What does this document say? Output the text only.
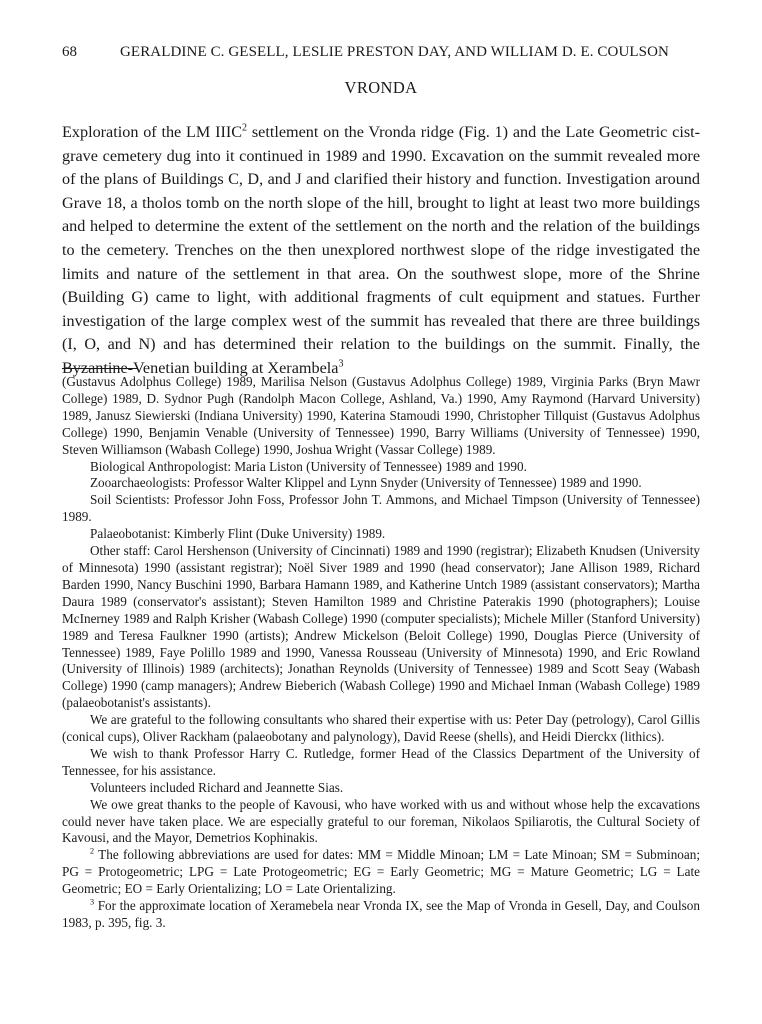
68	GERALDINE C. GESELL, LESLIE PRESTON DAY, AND WILLIAM D. E. COULSON
VRONDA

Exploration of the LM IIIC$^2$ settlement on the Vronda ridge (Fig. 1) and the Late Geometric cist-grave cemetery dug into it continued in 1989 and 1990. Excavation on the summit revealed more of the plans of Buildings C, D, and J and clarified their history and function. Investigation around Grave 18, a tholos tomb on the north slope of the hill, brought to light at least two more buildings and helped to determine the extent of the settlement on the north and the relation of the buildings to the cemetery. Trenches on the then unexplored northwest slope of the ridge investigated the limits and nature of the settlement in that area. On the southwest slope, more of the Shrine (Building G) came to light, with additional fragments of cult equipment and statues. Further investigation of the large complex west of the summit has revealed that there are three buildings (I, O, and N) and has determined their relation to the buildings on the summit. Finally, the Byzantine-Venetian building at Xerambela$^3$

(Gustavus Adolphus College) 1989, Marilisa Nelson (Gustavus Adolphus College) 1989, Virginia Parks (Bryn Mawr College) 1989, D. Sydnor Pugh (Randolph Macon College, Ashland, Va.) 1990, Amy Raymond (Harvard University) 1989, Janusz Siewierski (Indiana University) 1990, Katerina Stamoudi 1990, Christopher Tillquist (Gustavus Adolphus College) 1990, Benjamin Venable (University of Tennessee) 1990, Barry Williams (University of Tennessee) 1990, Steven Williamson (Wabash College) 1990, Joshua Wright (Vassar College) 1989.

Biological Anthropologist: Maria Liston (University of Tennessee) 1989 and 1990.

Zooarchaeologists: Professor Walter Klippel and Lynn Snyder (University of Tennessee) 1989 and 1990.

Soil Scientists: Professor John Foss, Professor John T. Ammons, and Michael Timpson (University of Tennessee) 1989.

Palaeobotanist: Kimberly Flint (Duke University) 1989.

Other staff: Carol Hershenson (University of Cincinnati) 1989 and 1990 (registrar); Elizabeth Knudsen (University of Minnesota) 1990 (assistant registrar); Noël Siver 1989 and 1990 (head conservator); Jane Allison 1989, Richard Barden 1990, Nancy Buschini 1990, Barbara Hamann 1989, and Katherine Untch 1989 (assistant conservators); Martha Daura 1989 (conservator's assistant); Steven Hamilton 1989 and Christine Paterakis 1990 (photographers); Louise McInerney 1989 and Ralph Krisher (Wabash College) 1990 (computer specialists); Michele Miller (Stanford University) 1989 and Teresa Faulkner 1990 (artists); Andrew Mickelson (Beloit College) 1990, Douglas Pierce (University of Tennessee) 1989, Faye Polillo 1989 and 1990, Vanessa Rousseau (University of Minnesota) 1990, and Eric Rowland (University of Illinois) 1989 (architects); Jonathan Reynolds (University of Tennessee) 1989 and Scott Seay (Wabash College) 1990 (camp managers); Andrew Bieberich (Wabash College) 1990 and Michael Inman (Wabash College) 1989 (palaeobotanist's assistants).

We are grateful to the following consultants who shared their expertise with us: Peter Day (petrology), Carol Gillis (conical cups), Oliver Rackham (palaeobotany and palynology), David Reese (shells), and Heidi Dierckx (lithics).

We wish to thank Professor Harry C. Rutledge, former Head of the Classics Department of the University of Tennessee, for his assistance.

Volunteers included Richard and Jeannette Sias.

We owe great thanks to the people of Kavousi, who have worked with us and without whose help the excavations could never have taken place. We are especially grateful to our foreman, Nikolaos Spiliarotis, the Cultural Society of Kavousi, and the Mayor, Demetrios Kophinakis.

$^2$ The following abbreviations are used for dates: MM = Middle Minoan; LM = Late Minoan; SM = Subminoan; PG = Protogeometric; LPG = Late Protogeometric; EG = Early Geometric; MG = Mature Geometric; LG = Late Geometric; EO = Early Orientalizing; LO = Late Orientalizing.

$^3$ For the approximate location of Xeramebela near Vronda IX, see the Map of Vronda in Gesell, Day, and Coulson 1983, p. 395, fig. 3.
